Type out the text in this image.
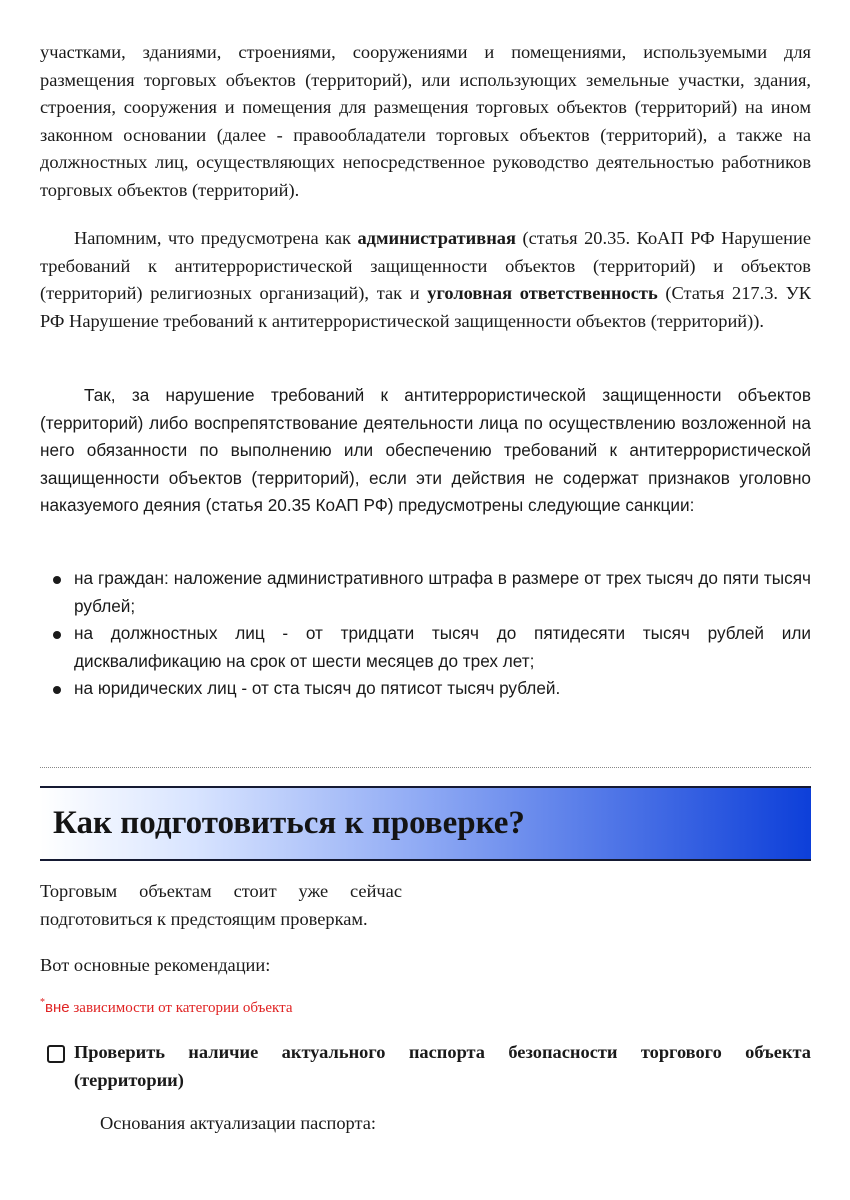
участками, зданиями, строениями, сооружениями и помещениями, используемыми для размещения торговых объектов (территорий), или использующих земельные участки, здания, строения, сооружения и помещения для размещения торговых объектов (территорий) на ином законном основании (далее - правообладатели торговых объектов (территорий), а также на должностных лиц, осуществляющих непосредственное руководство деятельностью работников торговых объектов (территорий).

Напомним, что предусмотрена как административная (статья 20.35. КоАП РФ Нарушение требований к антитеррористической защищенности объектов (территорий) и объектов (территорий) религиозных организаций), так и уголовная ответственность (Статья 217.3. УК РФ Нарушение требований к антитеррористической защищенности объектов (территорий)).

Так, за нарушение требований к антитеррористической защищенности объектов (территорий) либо воспрепятствование деятельности лица по осуществлению возложенной на него обязанности по выполнению или обеспечению требований к антитеррористической защищенности объектов (территорий), если эти действия не содержат признаков уголовно наказуемого деяния (статья 20.35 КоАП РФ) предусмотрены следующие санкции:

на граждан: наложение административного штрафа в размере от трех тысяч до пяти тысяч рублей;
на должностных лиц - от тридцати тысяч до пятидесяти тысяч рублей или дисквалификацию на срок от шести месяцев до трех лет;
на юридических лиц - от ста тысяч до пятисот тысяч рублей.
Как подготовиться к проверке?

Торговым объектам стоит уже сейчас подготовиться к предстоящим проверкам.

Вот основные рекомендации:

*вне зависимости от категории объекта

Проверить наличие актуального паспорта безопасности торгового объекта (территории)

Основания актуализации паспорта:
